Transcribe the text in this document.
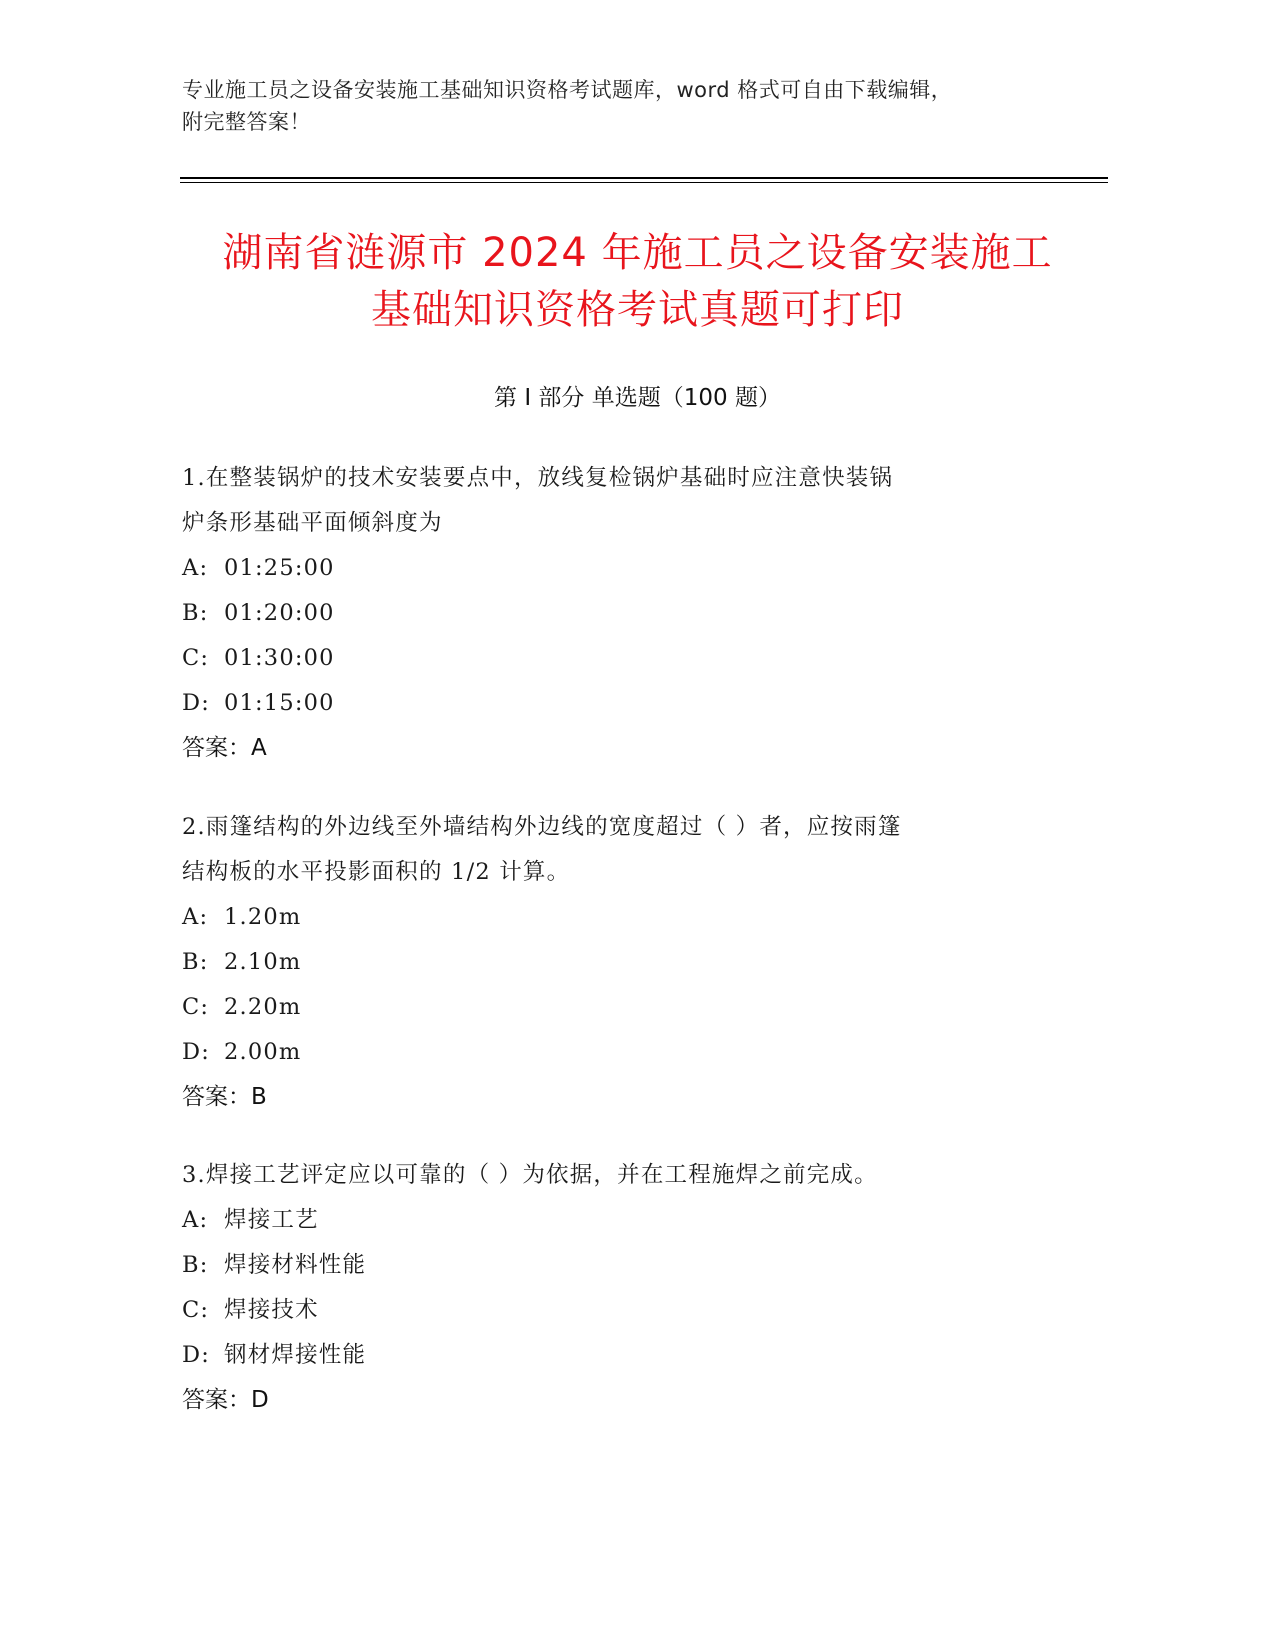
专业施工员之设备安装施工基础知识资格考试题库，word 格式可自由下载编辑，
附完整答案！
湖南省涟源市 2024 年施工员之设备安装施工
基础知识资格考试真题可打印
第 I 部分 单选题（100 题）
1.在整装锅炉的技术安装要点中，放线复检锅炉基础时应注意快装锅
炉条形基础平面倾斜度为
A: 01:25:00
B: 01:20:00
C: 01:30:00
D: 01:15:00
答案：A
2.雨篷结构的外边线至外墙结构外边线的宽度超过（ ）者，应按雨篷
结构板的水平投影面积的 1/2 计算。
A: 1.20m
B: 2.10m
C: 2.20m
D: 2.00m
答案：B
3.焊接工艺评定应以可靠的（ ）为依据，并在工程施焊之前完成。
A: 焊接工艺
B: 焊接材料性能
C: 焊接技术
D: 钢材焊接性能
答案：D
